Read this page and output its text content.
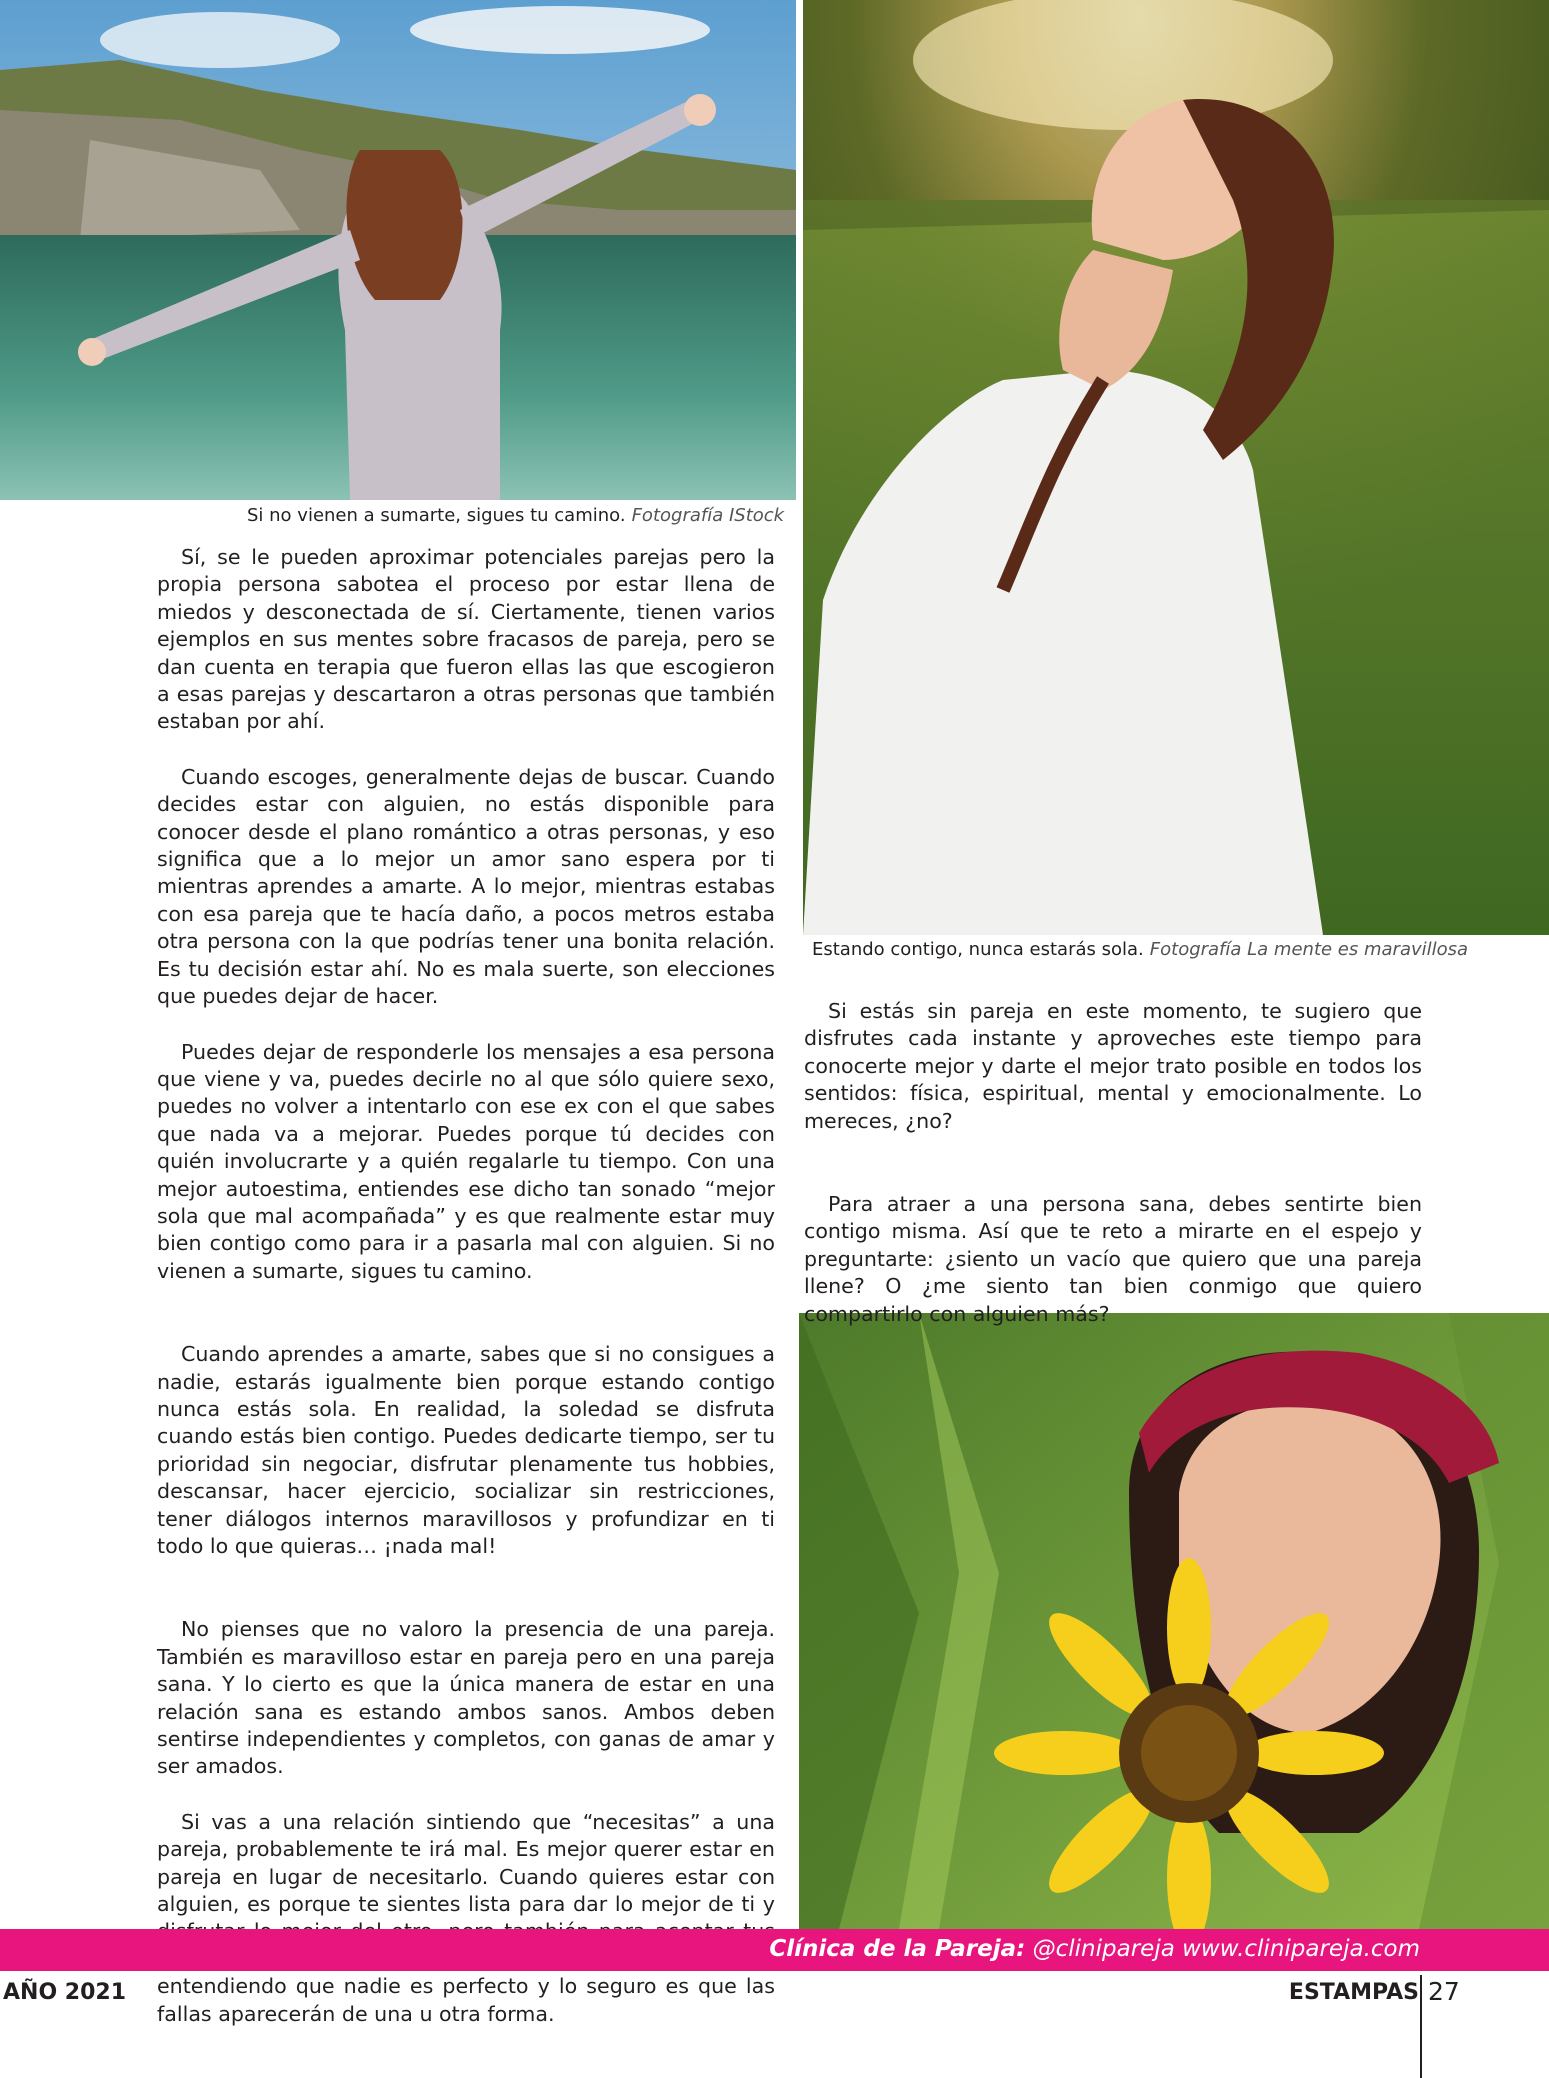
Si no vienen a sumarte, sigues tu camino. Fotografía IStock
Estando contigo, nunca estarás sola. Fotografía La mente es maravillosa

Sí, se le pueden aproximar potenciales parejas pero la propia persona sabotea el proceso por estar llena de miedos y desconectada de sí. Ciertamente, tienen varios ejemplos en sus mentes sobre fracasos de pareja, pero se dan cuenta en terapia que fueron ellas las que escogieron a esas parejas y descartaron a otras personas que también estaban por ahí.

Cuando escoges, generalmente dejas de buscar. Cuando decides estar con alguien, no estás disponible para conocer desde el plano romántico a otras personas, y eso significa que a lo mejor un amor sano espera por ti mientras aprendes a amarte. A lo mejor, mientras estabas con esa pareja que te hacía daño, a pocos metros estaba otra persona con la que podrías tener una bonita relación. Es tu decisión estar ahí. No es mala suerte, son elecciones que puedes dejar de hacer.

Puedes dejar de responderle los mensajes a esa persona que viene y va, puedes decirle no al que sólo quiere sexo, puedes no volver a intentarlo con ese ex con el que sabes que nada va a mejorar. Puedes porque tú decides con quién involucrarte y a quién regalarle tu tiempo. Con una mejor autoestima, entiendes ese dicho tan sonado “mejor sola que mal acompañada” y es que realmente estar muy bien contigo como para ir a pasarla mal con alguien. Si no vienen a sumarte, sigues tu camino.

Cuando aprendes a amarte, sabes que si no consigues a nadie, estarás igualmente bien porque estando contigo nunca estás sola. En realidad, la soledad se disfruta cuando estás bien contigo. Puedes dedicarte tiempo, ser tu prioridad sin negociar, disfrutar plenamente tus hobbies, descansar, hacer ejercicio, socializar sin restricciones, tener diálogos internos maravillosos y profundizar en ti todo lo que quieras… ¡nada mal!

No pienses que no valoro la presencia de una pareja. También es maravilloso estar en pareja pero en una pareja sana. Y lo cierto es que la única manera de estar en una relación sana es estando ambos sanos. Ambos deben sentirse independientes y completos, con ganas de amar y ser amados.

Si vas a una relación sintiendo que “necesitas” a una pareja, probablemente te irá mal. Es mejor querer estar en pareja en lugar de necesitarlo. Cuando quieres estar con alguien, es porque te sientes lista para dar lo mejor de ti y entendiendo que nadie es perfecto y lo seguro es que las fallas aparecerán de una u otra forma.

Si estás sin pareja en este momento, te sugiero que disfrutes cada instante y aproveches este tiempo para conocerte mejor y darte el mejor trato posible en todos los sentidos: física, espiritual, mental y emocionalmente. Lo mereces, ¿no?

Para atraer a una persona sana, debes sentirte bien contigo misma. Así que te reto a mirarte en el espejo y preguntarte: ¿siento un vacío que quiero que una pareja llene? O ¿me siento tan bien conmigo que quiero compartirlo con alguien más?

Clínica de la Pareja: @clinipareja www.clinipareja.com
AÑO 2021	ESTAMPAS 27
